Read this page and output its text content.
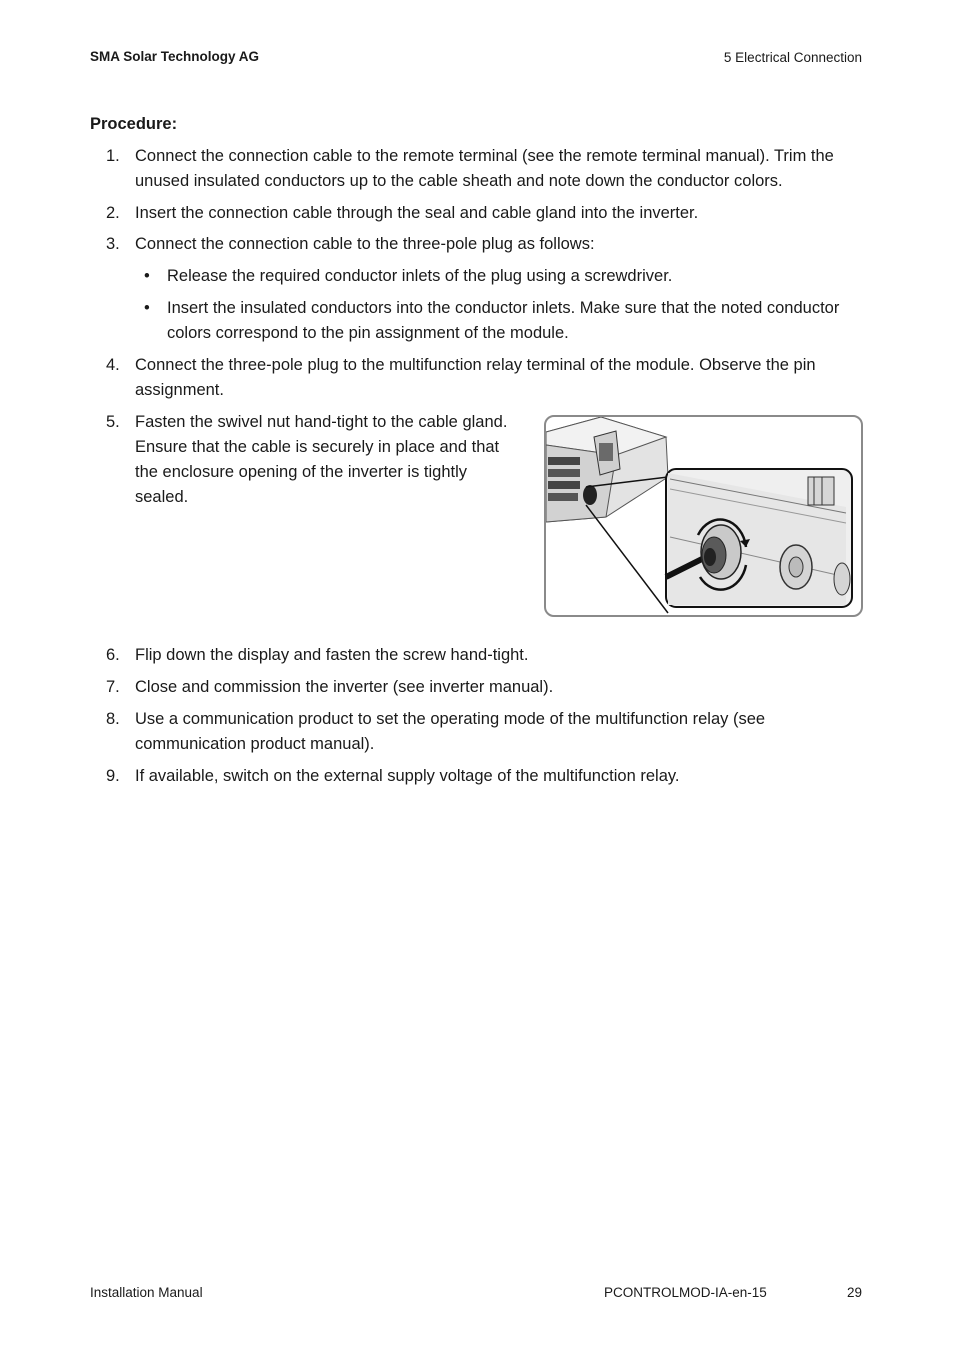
SMA Solar Technology AG	5 Electrical Connection
Procedure:
1. Connect the connection cable to the remote terminal (see the remote terminal manual). Trim the
unused insulated conductors up to the cable sheath and note down the conductor colors.
2. Insert the connection cable through the seal and cable gland into the inverter.
3. Connect the connection cable to the three-pole plug as follows:
• Release the required conductor inlets of the plug using a screwdriver.
• Insert the insulated conductors into the conductor inlets. Make sure that the noted conductor
colors correspond to the pin assignment of the module.
4. Connect the three-pole plug to the multifunction relay terminal of the module. Observe the pin
assignment.
5. Fasten the swivel nut hand-tight to the cable gland.
Ensure that the cable is securely in place and that
the enclosure opening of the inverter is tightly
sealed.
6. Flip down the display and fasten the screw hand-tight.
7. Close and commission the inverter (see inverter manual).
8. Use a communication product to set the operating mode of the multifunction relay (see
communication product manual).
9. If available, switch on the external supply voltage of the multifunction relay.
Installation Manual	PCONTROLMOD-IA-en-15	29
